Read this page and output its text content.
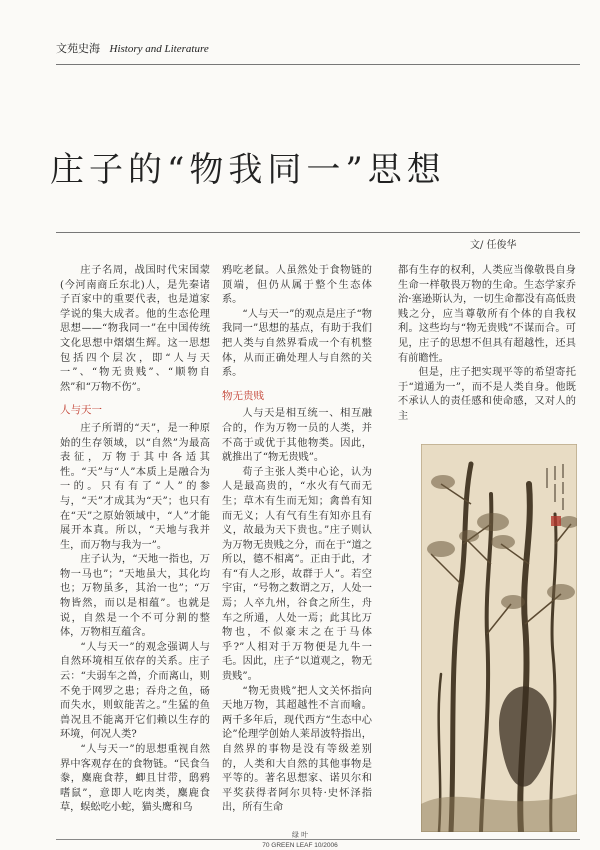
文苑史海 History and Literature
庄子的“物我同一”思想
文/ 任俊华

庄子名周，战国时代宋国蒙(今河南商丘东北)人，是先秦诸子百家中的重要代表，也是道家学说的集大成者。他的生态伦理思想——“物我同一”在中国传统文化思想中熠熠生辉。这一思想包括四个层次，即“人与天一”、“物无贵贱”、“顺物自然”和“万物不伤”。

人与天一

庄子所谓的“天”，是一种原始的生存领域，以“自然”为最高表征，万物于其中各适其性。“天”与“人”本质上是融合为一的。只有有了“人”的参与，“天”才成其为“天”；也只有在“天”之原始领域中，“人”才能展开本真。所以，“天地与我并生，而万物与我为一”。

庄子认为，“天地一指也，万物一马也”；“天地虽大，其化均也；万物虽多，其治一也”；“万物皆然，而以是相蕴”。也就是说，自然是一个不可分割的整体，万物相互蕴含。

“人与天一”的观念强调人与自然环境相互依存的关系。庄子云：“夫弱车之兽，介而离山，则不免于网罗之患；吞舟之鱼，砀而失水，则蚁能苦之。”生猛的鱼兽况且不能离开它们赖以生存的环境，何况人类?

“人与天一”的思想重视自然界中客观存在的食物链。“民食刍豢，麋鹿食荐，蝍且甘带，鸱鸦嗜鼠”，意即人吃肉类，麋鹿食草，蜈蚣吃小蛇，猫头鹰和乌

鸦吃老鼠。人虽然处于食物链的顶端，但仍从属于整个生态体系。

“人与天一”的观点是庄子“物我同一”思想的基点，有助于我们把人类与自然界看成一个有机整体，从而正确处理人与自然的关系。

物无贵贱

人与天是相互统一、相互融合的，作为万物一员的人类，并不高于或优于其他物类。因此，就推出了“物无贵贱”。

荀子主张人类中心论，认为人是最高贵的，“水火有气而无生；草木有生而无知；禽兽有知而无义；人有气有生有知亦且有义，故最为天下贵也。”庄子则认为万物无贵贱之分，而在于“道之所以，德不相离”。正由于此，才有“有人之形，故群于人”。若空宇宙，“号物之数谓之万，人处一焉；人卒九州，谷食之所生，舟车之所通，人处一焉；此其比万物也，不似豪末之在于马体乎?”人相对于万物便是九牛一毛。因此，庄子“以道观之，物无贵贱”。

“物无贵贱”把人文关怀指向天地万物，其超越性不言而喻。两千多年后，现代西方“生态中心论”伦理学创始人莱昂波特指出，自然界的事物是没有等级差别的，人类和大自然的其他事物是平等的。著名思想家、诺贝尔和平奖获得者阿尔贝特·史怀泽指出，所有生命

都有生存的权利，人类应当像敬畏自身生命一样敬畏万物的生命。生态学家乔治·塞逊斯认为，一切生命都没有高低贵贱之分，应当尊敬所有个体的自我权利。这些均与“物无贵贱”不谋而合。可见，庄子的思想不但具有超越性，还具有前瞻性。

但是，庄子把实现平等的希望寄托于“道通为一”，而不是人类自身。他既不承认人的责任感和使命感，又对人的主

绿 叶
70 GREEN LEAF 10/2006
